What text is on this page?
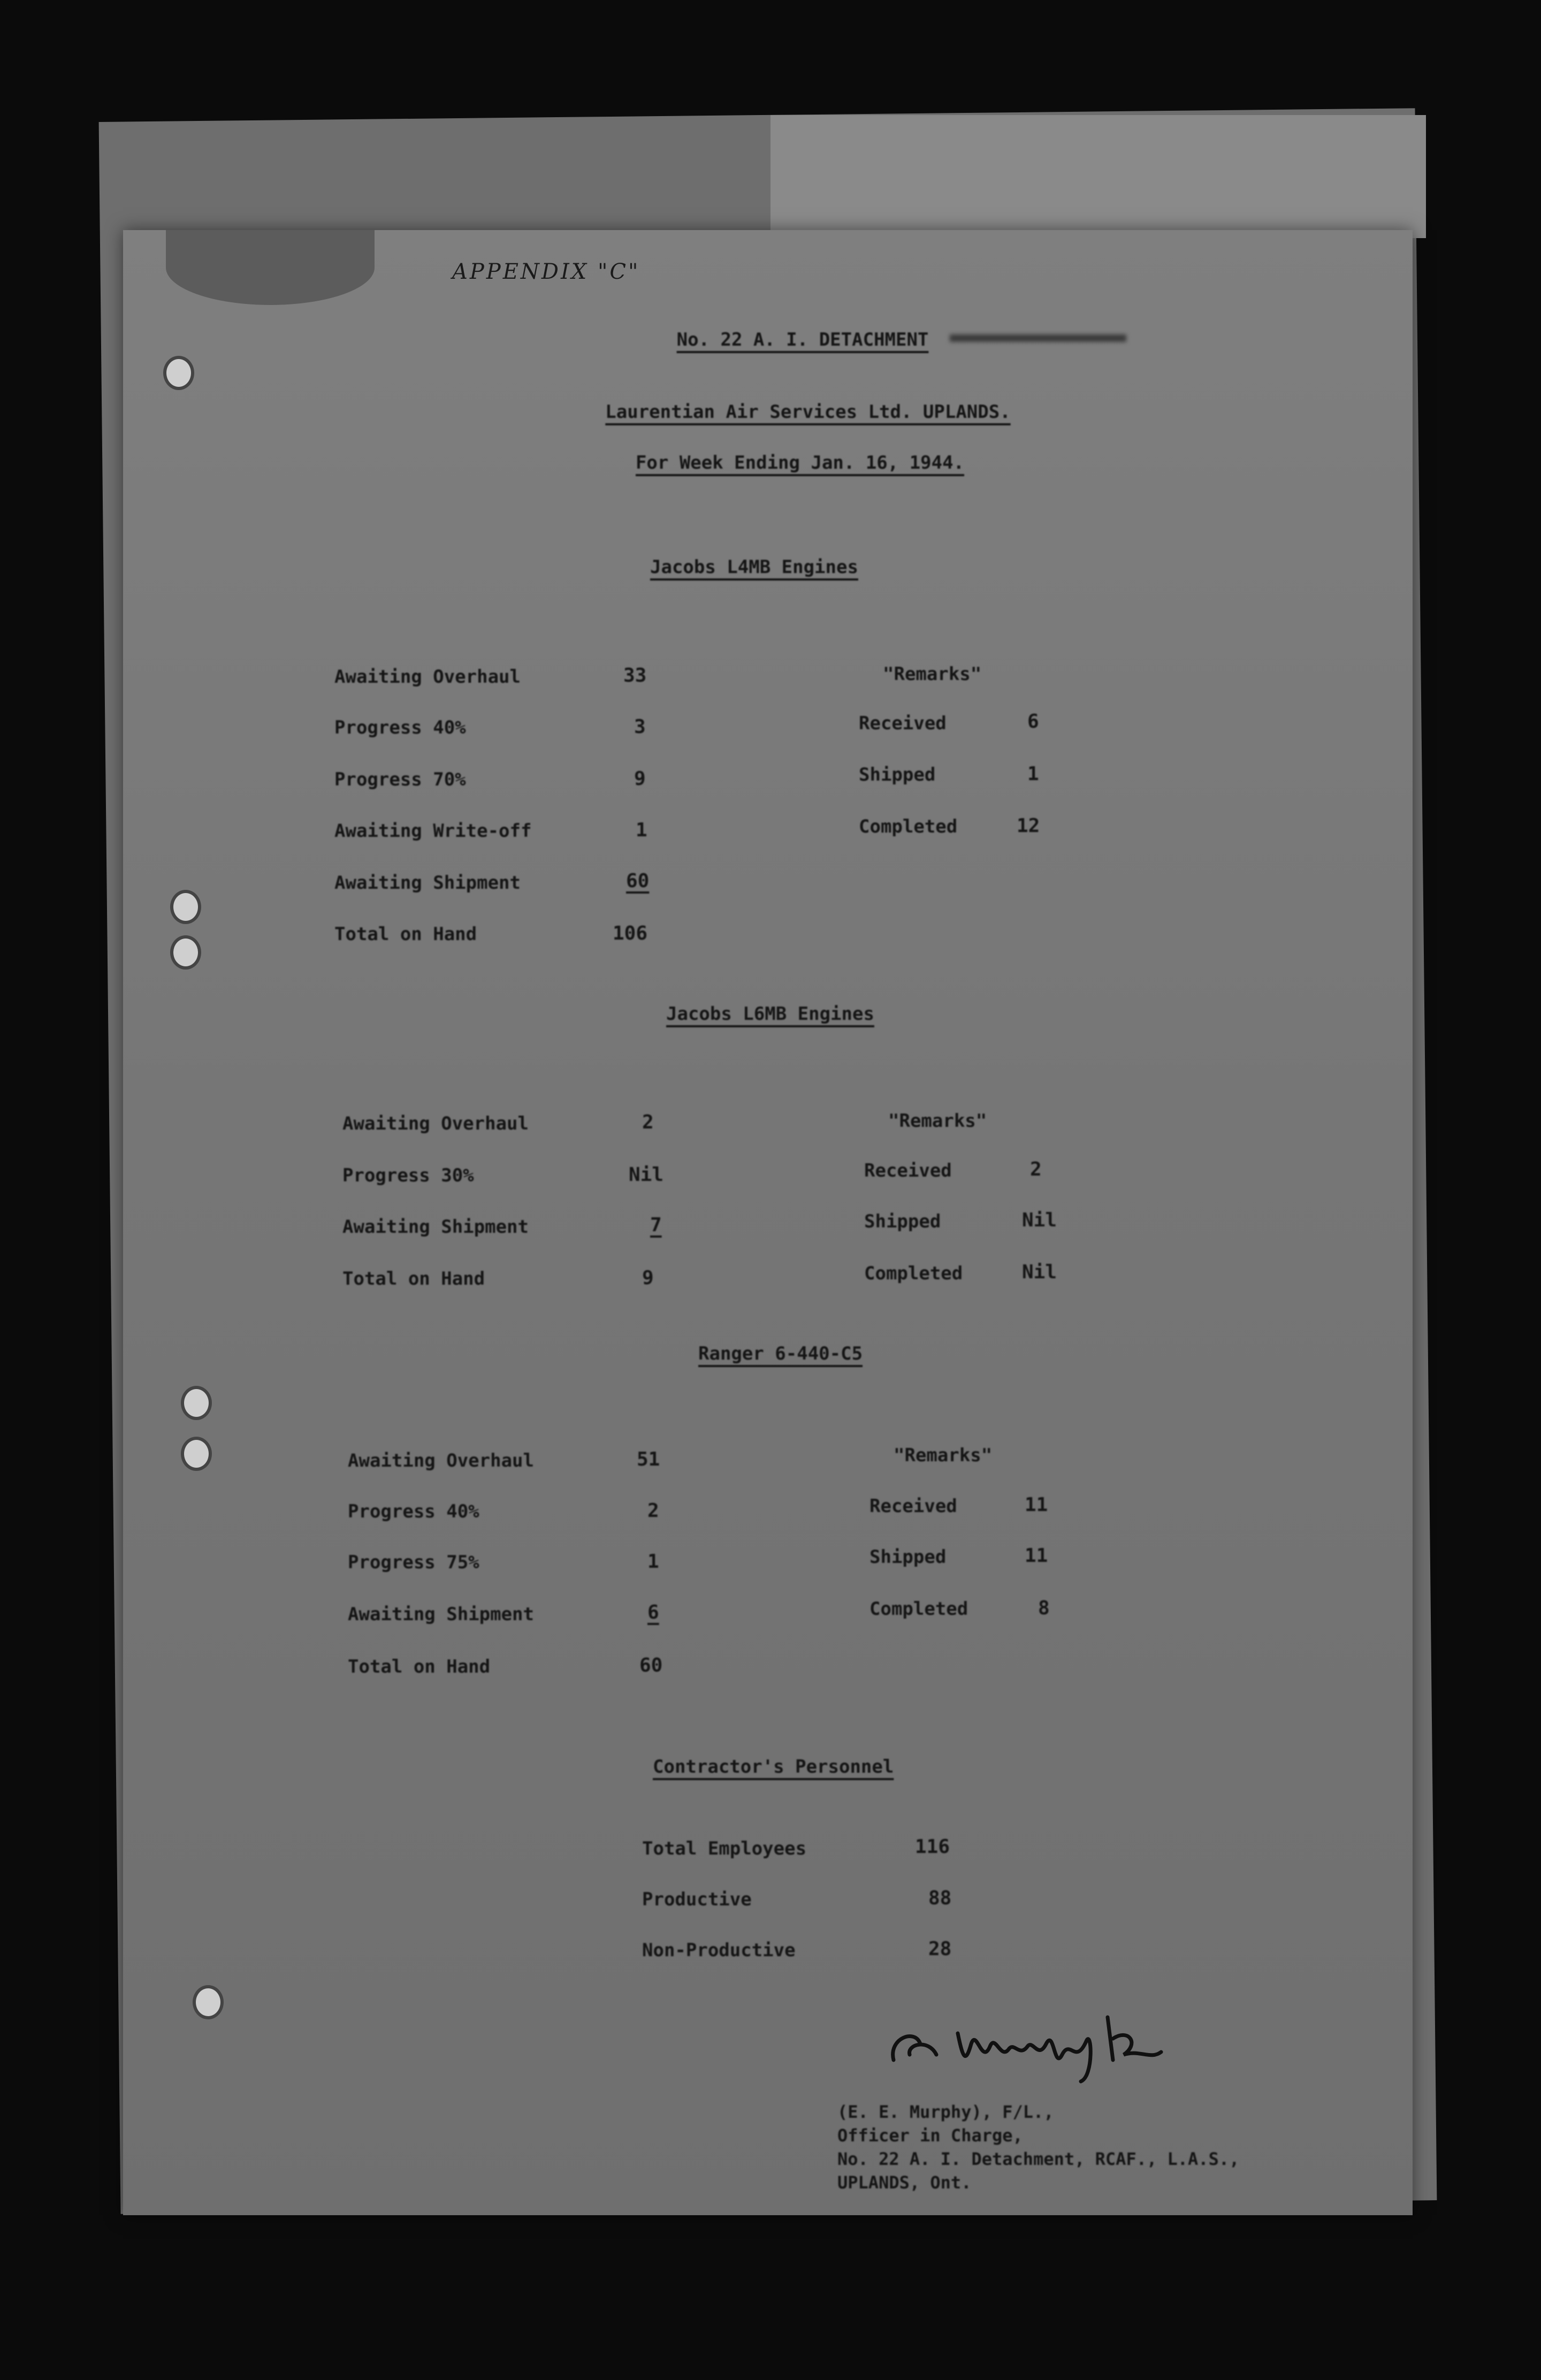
APPENDIX "C"
No. 22 A. I. DETACHMENT
Laurentian Air Services Ltd. UPLANDS.
For Week Ending Jan. 16, 1944.
Jacobs L4MB Engines
Awaiting Overhaul	33
Progress 40%	3
Progress 70%	9
Awaiting Write-off	1
Awaiting Shipment	60
Total on Hand	106
"Remarks"
Received	6
Shipped	1
Completed	12
Jacobs L6MB Engines
Awaiting Overhaul	2
Progress 30%	Nil
Awaiting Shipment	7
Total on Hand	9
"Remarks"
Received	2
Shipped	Nil
Completed	Nil
Ranger 6-440-C5
Awaiting Overhaul	51
Progress 40%	2
Progress 75%	1
Awaiting Shipment	6
Total on Hand	60
"Remarks"
Received	11
Shipped	11
Completed	8
Contractor's Personnel
Total Employees	116
Productive	88
Non-Productive	28
(E. E. Murphy), F/L.,
Officer in Charge,
No. 22 A. I. Detachment, RCAF., L.A.S.,
UPLANDS, Ont.
